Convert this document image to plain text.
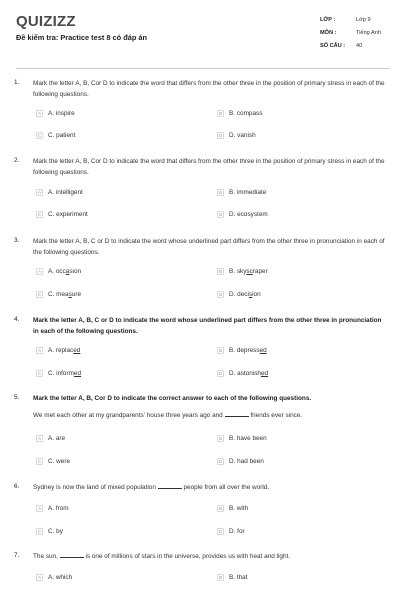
QUIZIZZ
Đề kiểm tra: Practice test 8 có đáp án
LỚP :	Lớp 9
MÔN :	Tiếng Anh
SỐ CÂU :	40
1. Mark the letter A, B, Cor D to indicate the word that differs from the other three in the position of primary stress in each of the following questions.
A	A. inspire	B	B. compass
C C. patient	D D. vanish
2. Mark the letter A, B, Cor D to indicate the word that differs from the other three in the position of primary stress in each of the following questions.
A	A. intelligent	B	B. immediate
C C. experiment	D D. ecosystem
3. Mark the letter A, B, C or D to indicate the word whose underlined part differs from the other three in pronunciation in each of the following questions.
A	A. occasion	B	B. skyscraper
C C. measure	D D. decision
4. Mark the letter A, B, C or D to indicate the word whose underlined part differs from the other three in pronunciation in each of the following questions.
A	A. replaced	B	B. depressed
C C. informed	D D. astonished
5. Mark the letter A, B, Cor D to indicate the correct answer to each of the following questions.
We met each other at my grandparents' house three years ago and	friends ever since.
A	A. are	B	B. have been
C C. were	D D. had been
6. Sydney is now the land of mixed population	people from all over the world.
A	A. from	B	B. with
C C. by	D D. for
7. The sun,	is one of millions of stars in the universe, provides us with heat and light.
A	A. which	B	B. that
